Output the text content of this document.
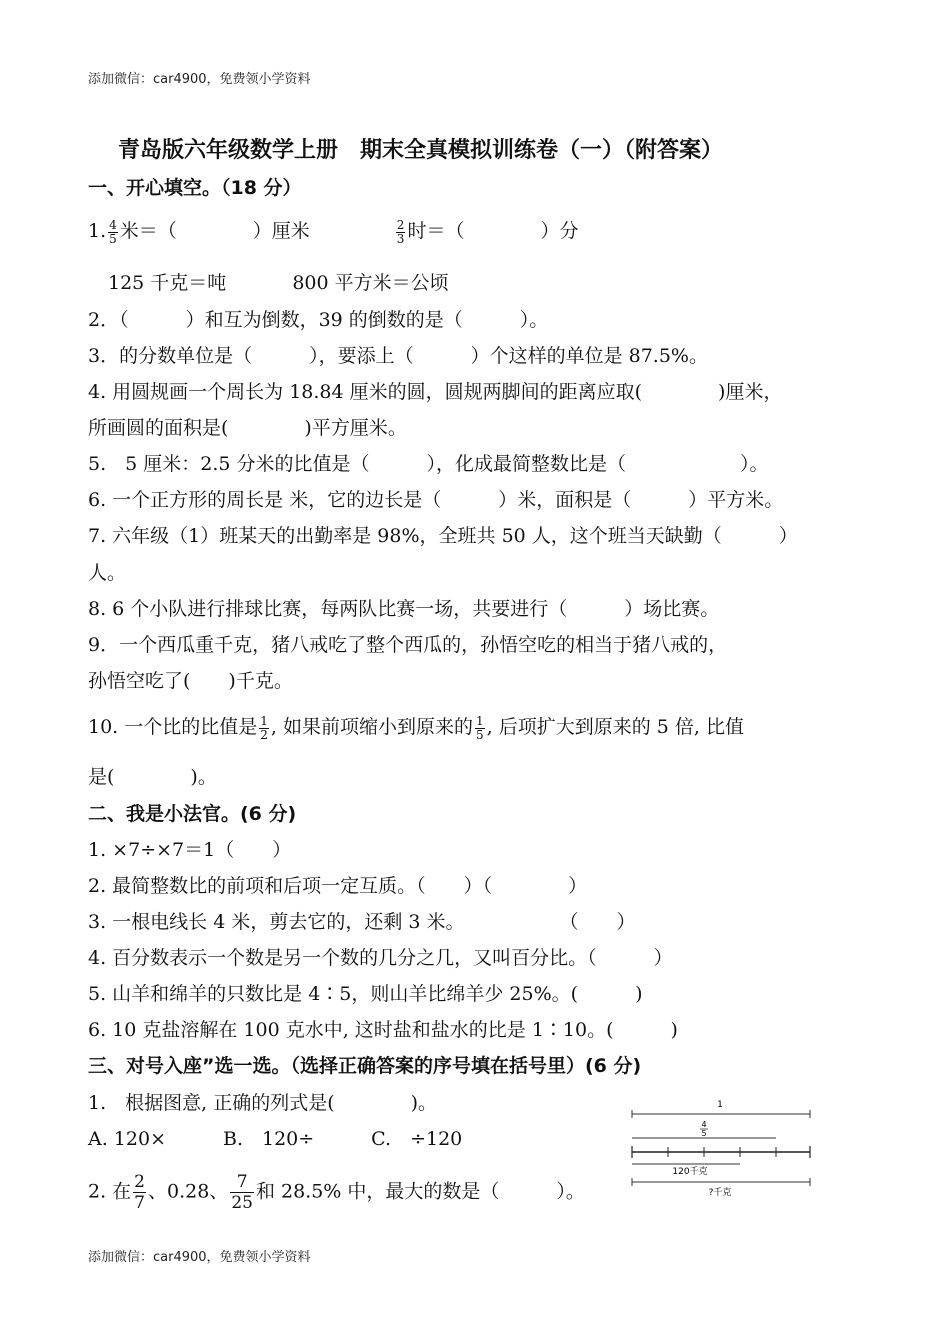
添加微信：car4900，免费领小学资料
青岛版六年级数学上册　期末全真模拟训练卷（一）（附答案）
一、开心填空。（18 分）
1. $\frac{4}{5}$ 米＝（　　　　）厘米	$\frac{2}{3}$ 时＝（　　　　）分
125 千克＝吨	800 平方米＝公顷
2．（　　　）和互为倒数，39 的倒数的是（　　　）。
3．的分数单位是（　　　），要添上（　　　）个这样的单位是 87.5%。
4. 用圆规画一个周长为 18.84 厘米的圆，圆规两脚间的距离应取(　　　　)厘米，
所画圆的面积是(　　　　)平方厘米。
5.　5 厘米：2.5 分米的比值是（　　　），化成最简整数比是（　　　　　　）。
6. 一个正方形的周长是 米，它的边长是（　　　）米，面积是（　　　）平方米。
7. 六年级（1）班某天的出勤率是 98%，全班共 50 人，这个班当天缺勤（　　　）
人。
8. 6 个小队进行排球比赛，每两队比赛一场，共要进行（　　　）场比赛。
9．一个西瓜重千克，猪八戒吃了整个西瓜的，孙悟空吃的相当于猪八戒的，
孙悟空吃了(　　)千克。
10. 一个比的比值是 $\frac{1}{2}$ , 如果前项缩小到原来的 $\frac{1}{5}$ , 后项扩大到原来的 5 倍, 比值
是(　　　　)。
二、我是小法官。(6 分)
1. ×7÷×7＝1（　　）
2. 最简整数比的前项和后项一定互质。（　　）（　　　　）
3. 一根电线长 4 米，剪去它的，还剩 3 米。　　　　　　（　　）
4. 百分数表示一个数是另一个数的几分之几，又叫百分比。（　　　）
5. 山羊和绵羊的只数比是 4∶5，则山羊比绵羊少 25%。(　　　)
6. 10 克盐溶解在 100 克水中, 这时盐和盐水的比是 1∶10。(　　　)
三、对号入座”选一选。（选择正确答案的序号填在括号里）(6 分)
1.　根据图意, 正确的列式是(　　　　)。
A. 120×　　　B.　120÷　　　C.　÷120
2. 在 $\frac{2}{7}$ 、0.28、 $\frac{7}{25}$ 和 28.5% 中，最大的数是（　　　）。
1
4
5
120千克
?千克
添加微信：car4900，免费领小学资料
